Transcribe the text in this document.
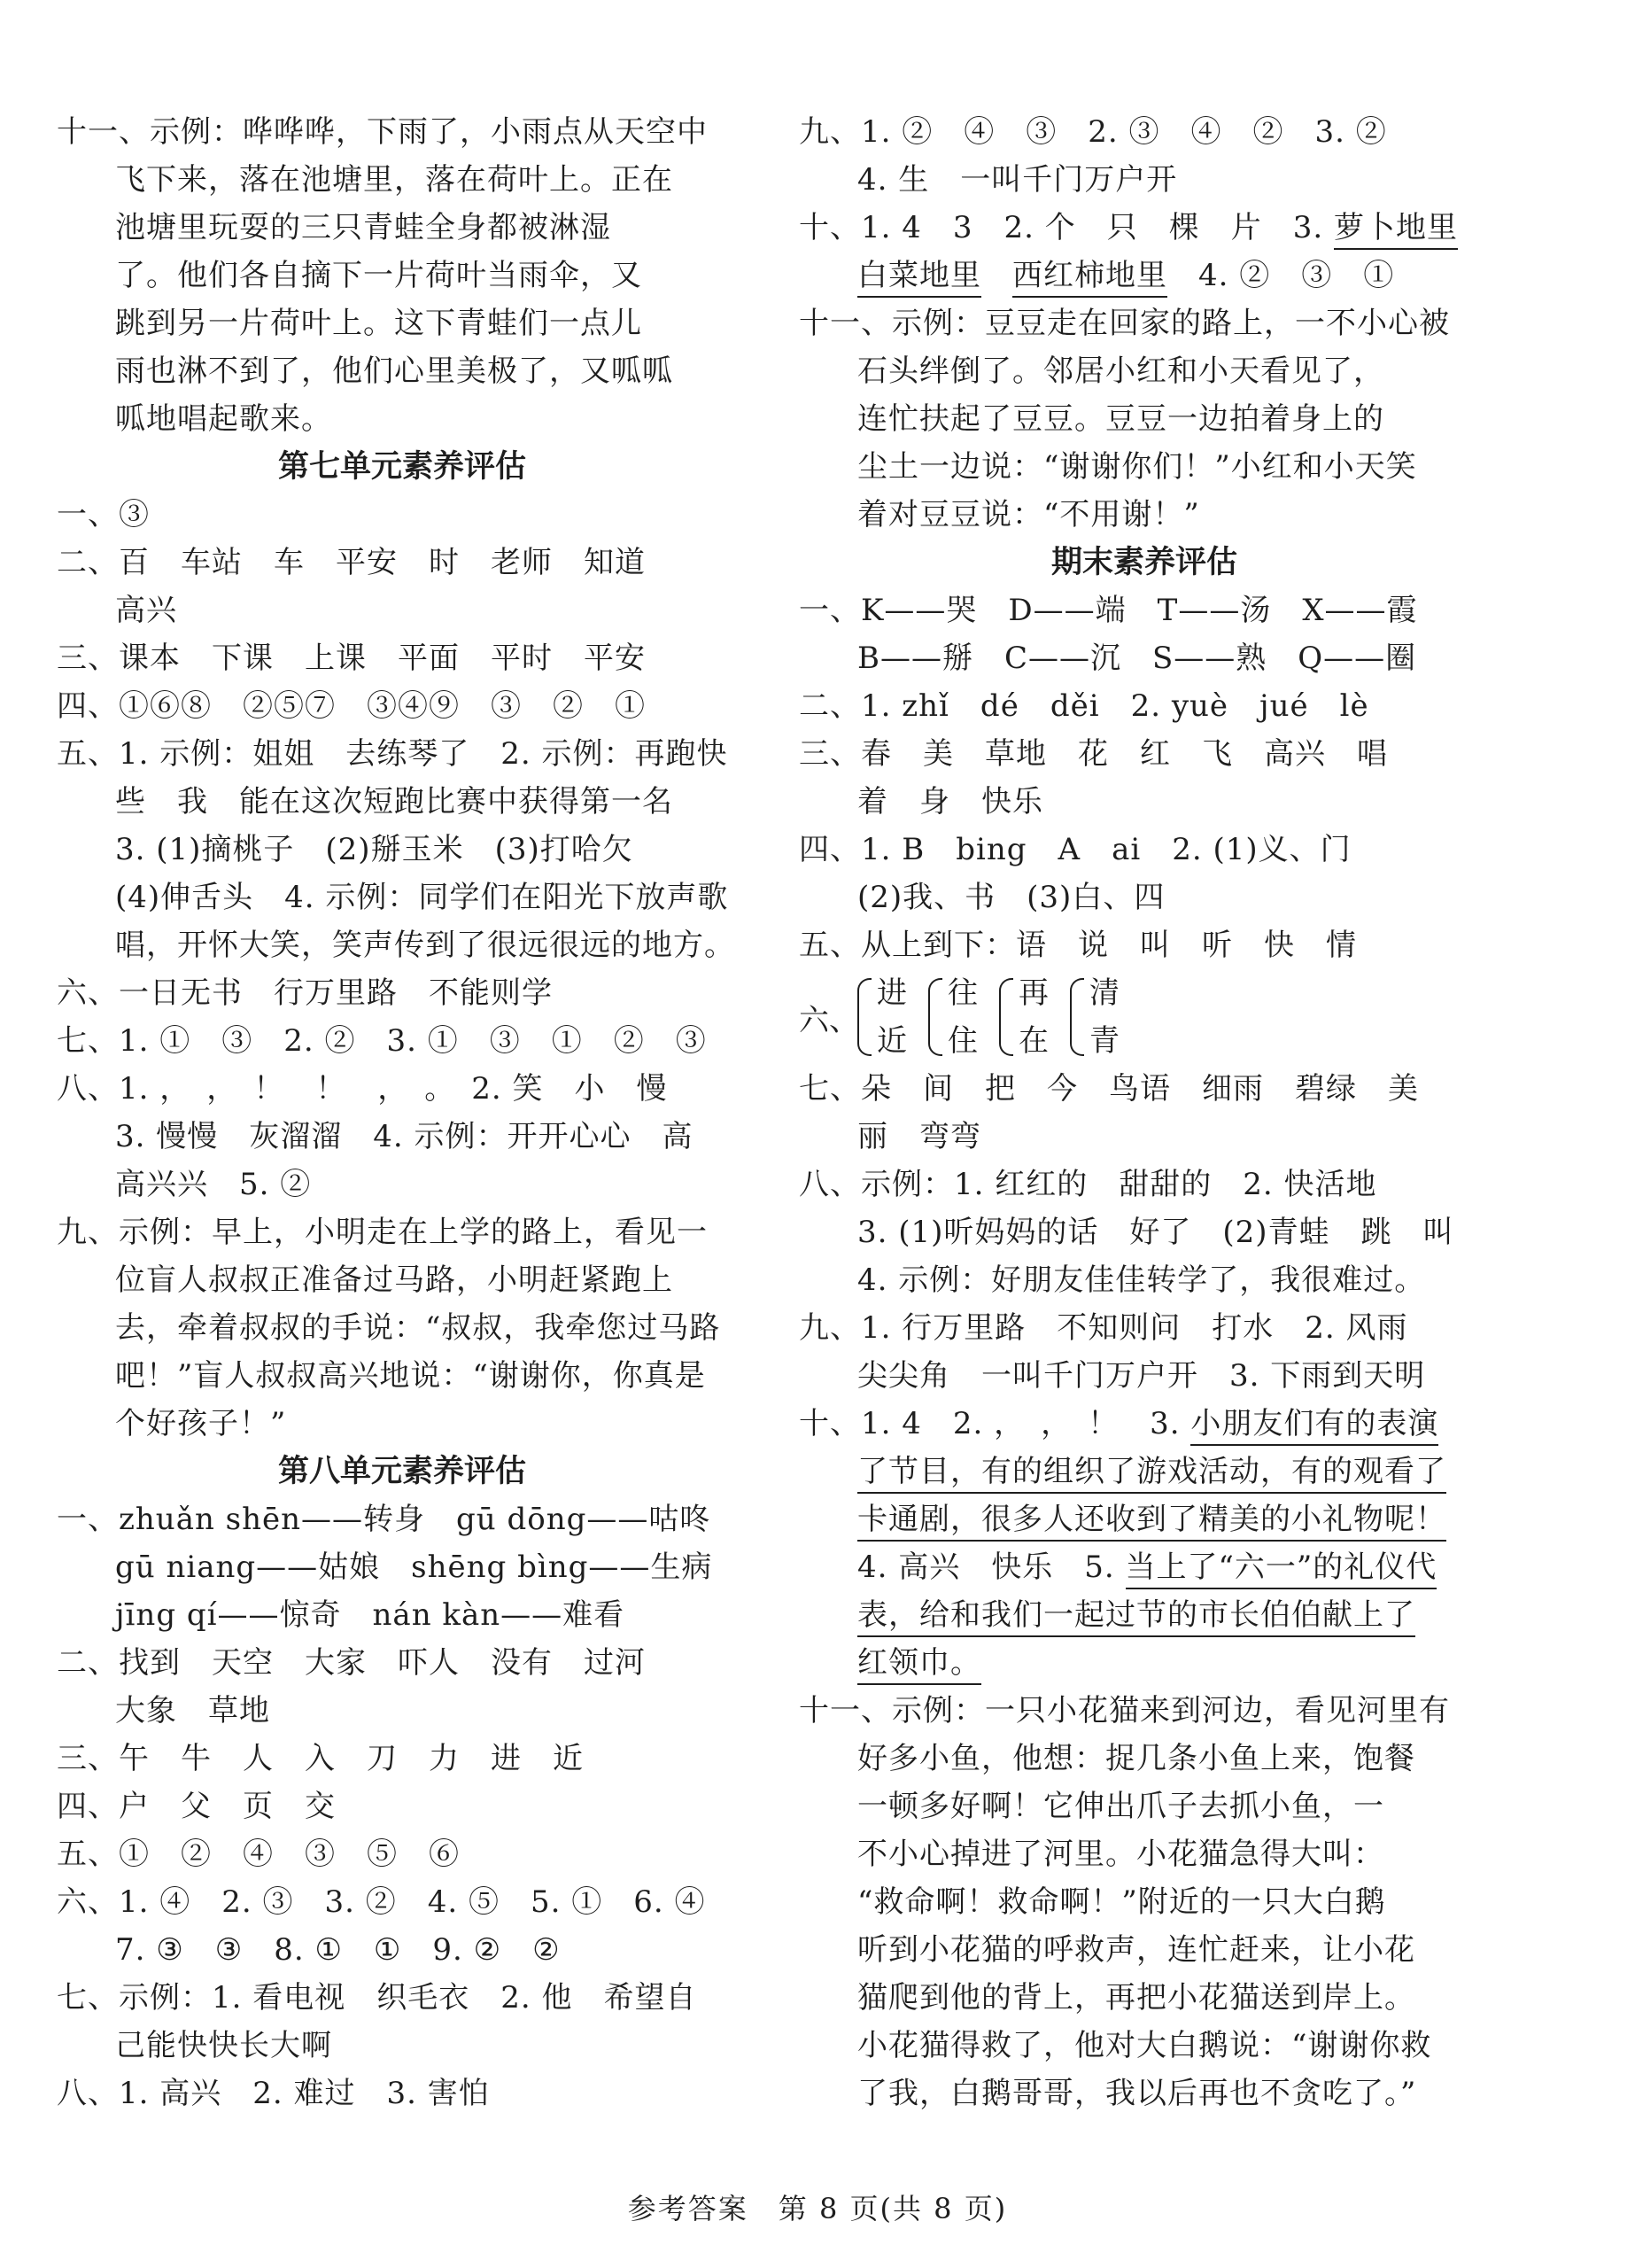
十一、示例：哗哗哗，下雨了，小雨点从天空中
飞下来，落在池塘里，落在荷叶上。正在
池塘里玩耍的三只青蛙全身都被淋湿
了。他们各自摘下一片荷叶当雨伞，又
跳到另一片荷叶上。这下青蛙们一点儿
雨也淋不到了，他们心里美极了，又呱呱
呱地唱起歌来。
第七单元素养评估
一、③
二、百　车站　车　平安　时　老师　知道
高兴
三、课本　下课　上课　平面　平时　平安
四、①⑥⑧　②⑤⑦　③④⑨　③　②　①
五、1. 示例：姐姐　去练琴了　2. 示例：再跑快
些　我　能在这次短跑比赛中获得第一名
3. (1)摘桃子　(2)掰玉米　(3)打哈欠
(4)伸舌头　4. 示例：同学们在阳光下放声歌
唱，开怀大笑，笑声传到了很远很远的地方。
六、一日无书　行万里路　不能则学
七、1. ①　③　2. ②　3. ①　③　①　②　③
八、1. ，　，　！　！　，　。　2. 笑　小　慢
3. 慢慢　灰溜溜　4. 示例：开开心心　高
高兴兴　5. ②
九、示例：早上，小明走在上学的路上，看见一
位盲人叔叔正准备过马路，小明赶紧跑上
去，牵着叔叔的手说：“叔叔，我牵您过马路
吧！”盲人叔叔高兴地说：“谢谢你，你真是
个好孩子！”
第八单元素养评估
一、zhuǎn shēn——转身　gū dōng——咕咚
gū niang——姑娘　shēng bìng——生病
jīng qí——惊奇　nán kàn——难看
二、找到　天空　大家　吓人　没有　过河
大象　草地
三、午　牛　人　入　刀　力　进　近
四、户　父　页　交
五、①　②　④　③　⑤　⑥
六、1. ④　2. ③　3. ②　4. ⑤　5. ①　6. ④
7. ③　③　8. ①　①　9. ②　②
七、示例：1. 看电视　织毛衣　2. 他　希望自
己能快快长大啊
八、1. 高兴　2. 难过　3. 害怕
九、1. ②　④　③　2. ③　④　②　3. ②
4. 生　一叫千门万户开
十、1. 4　3　2. 个　只　棵　片　3. 萝卜地里
白菜地里　 西红柿地里　 4. ②　③　①
十一、示例：豆豆走在回家的路上，一不小心被
石头绊倒了。邻居小红和小天看见了，
连忙扶起了豆豆。豆豆一边拍着身上的
尘土一边说：“谢谢你们！”小红和小天笑
着对豆豆说：“不用谢！”
期末素养评估
一、K——哭　D——端　T——汤　X——霞
B——掰　C——沉　S——熟　Q——圈
二、1. zhǐ　dé　děi　2. yuè　jué　lè
三、春　美　草地　花　红　飞　高兴　唱
着　身　快乐
四、1. B　bing　A　ai　2. (1)义、门
(2)我、书　(3)白、四
五、从上到下：语　说　叫　听　快　情
六、
进
近
往
住
再
在
清
青
七、朵　间　把　今　鸟语　细雨　碧绿　美
丽　弯弯
八、示例：1. 红红的　甜甜的　2. 快活地
3. (1)听妈妈的话　好了　(2)青蛙　跳　叫
4. 示例：好朋友佳佳转学了，我很难过。
九、1. 行万里路　不知则问　打水　2. 风雨
尖尖角　一叫千门万户开　3. 下雨到天明
十、1. 4　2. ，　，　！　3. 小朋友们有的表演
了节目，有的组织了游戏活动，有的观看了
卡通剧，很多人还收到了精美的小礼物呢！
4. 高兴　快乐　5. 当上了“六一”的礼仪代
表，给和我们一起过节的市长伯伯献上了
红领巾。
十一、示例：一只小花猫来到河边，看见河里有
好多小鱼，他想：捉几条小鱼上来，饱餐
一顿多好啊！它伸出爪子去抓小鱼，一
不小心掉进了河里。小花猫急得大叫：
“救命啊！救命啊！”附近的一只大白鹅
听到小花猫的呼救声，连忙赶来，让小花
猫爬到他的背上，再把小花猫送到岸上。
小花猫得救了，他对大白鹅说：“谢谢你救
了我，白鹅哥哥，我以后再也不贪吃了。”
参考答案　第 8 页(共 8 页)
